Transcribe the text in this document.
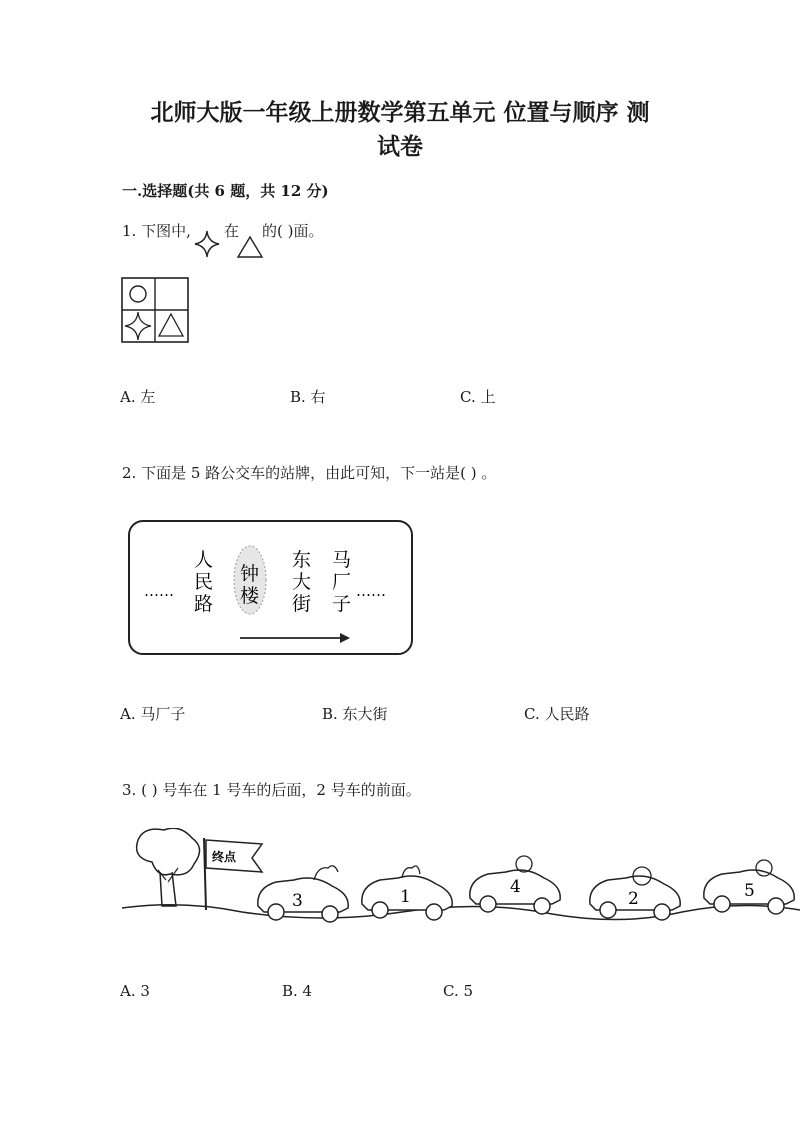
北师大版一年级上册数学第五单元 位置与顺序 测
试卷
一.选择题(共 6 题，共 12 分)
1. 下图中, 在 的( )面。
A. 左	B. 右	C. 上
2. 下面是 5 路公交车的站牌，由此可知，下一站是( ) 。
……
人
民
路
钟
楼
东
大
街
马
厂
子
……
A. 马厂子	B. 东大街	C. 人民路
3. ( ) 号车在 1 号车的后面，2 号车的前面。
终点
3	1	4
2	5
A. 3	B. 4	C. 5
